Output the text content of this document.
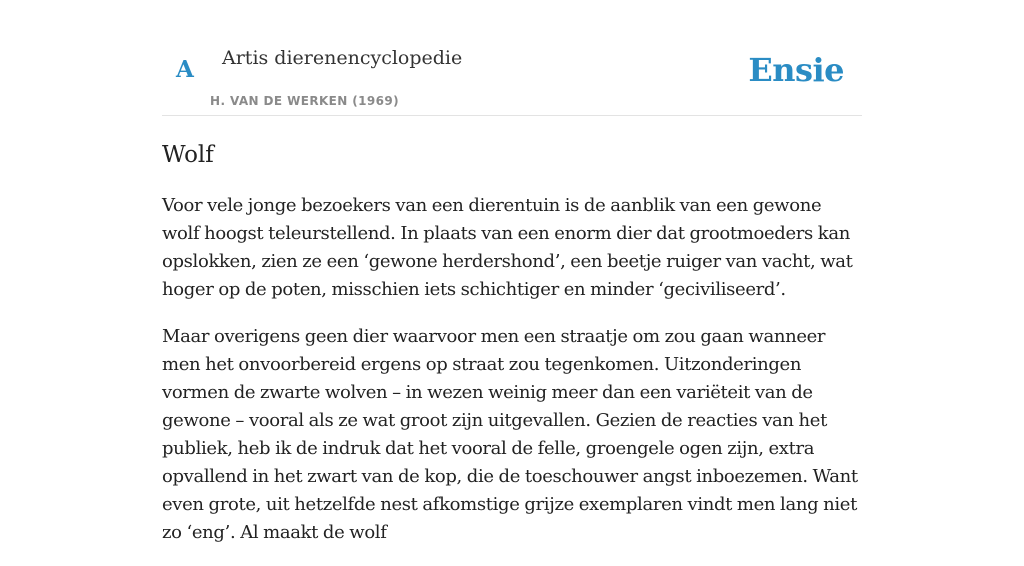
A Artis dierenencyclopedie
H. VAN DE WERKEN (1969)
Ensie
Wolf

Voor vele jonge bezoekers van een dierentuin is de aanblik van een gewone wolf hoogst teleurstellend. In plaats van een enorm dier dat grootmoeders kan opslokken, zien ze een ‘gewone herdershond’, een beetje ruiger van vacht, wat hoger op de poten, misschien iets schichtiger en minder ‘geciviliseerd’.

Maar overigens geen dier waarvoor men een straatje om zou gaan wanneer men het onvoorbereid ergens op straat zou tegenkomen. Uitzonderingen vormen de zwarte wolven – in wezen weinig meer dan een variëteit van de gewone – vooral als ze wat groot zijn uitgevallen. Gezien de reacties van het publiek, heb ik de indruk dat het vooral de felle, groengele ogen zijn, extra opvallend in het zwart van de kop, die de toeschouwer angst inboezemen. Want even grote, uit hetzelfde nest afkomstige grijze exemplaren vindt men lang niet zo ‘eng’. Al maakt de wolf
